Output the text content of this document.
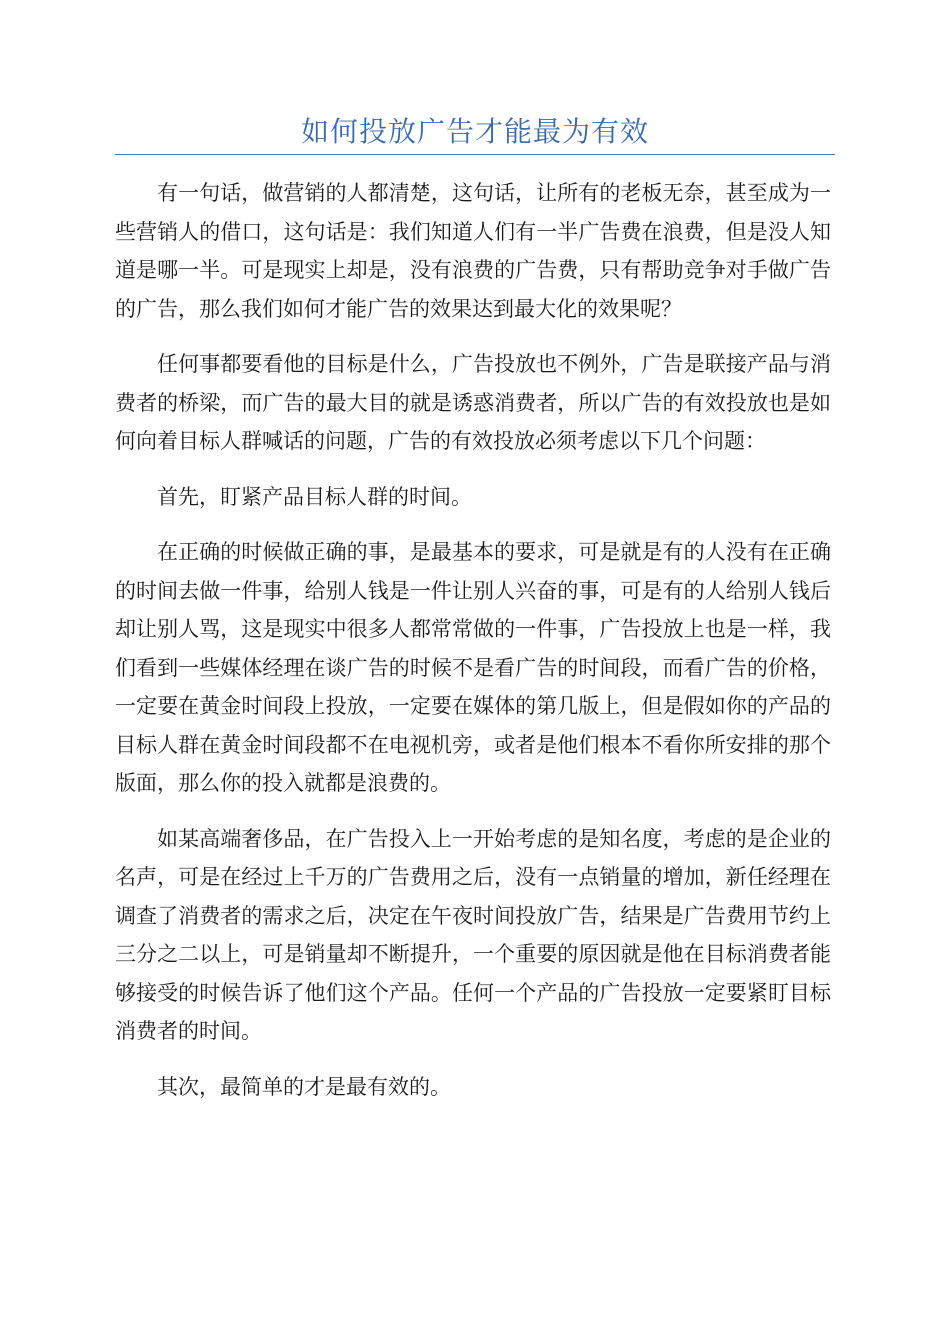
如何投放广告才能最为有效

有一句话，做营销的人都清楚，这句话，让所有的老板无奈，甚至成为一些营销人的借口，这句话是：我们知道人们有一半广告费在浪费，但是没人知道是哪一半。可是现实上却是，没有浪费的广告费，只有帮助竞争对手做广告的广告，那么我们如何才能广告的效果达到最大化的效果呢？

任何事都要看他的目标是什么，广告投放也不例外，广告是联接产品与消费者的桥梁，而广告的最大目的就是诱惑消费者，所以广告的有效投放也是如何向着目标人群喊话的问题，广告的有效投放必须考虑以下几个问题：

首先，盯紧产品目标人群的时间。

在正确的时候做正确的事，是最基本的要求，可是就是有的人没有在正确的时间去做一件事，给别人钱是一件让别人兴奋的事，可是有的人给别人钱后却让别人骂，这是现实中很多人都常常做的一件事，广告投放上也是一样，我们看到一些媒体经理在谈广告的时候不是看广告的时间段，而看广告的价格，一定要在黄金时间段上投放，一定要在媒体的第几版上，但是假如你的产品的目标人群在黄金时间段都不在电视机旁，或者是他们根本不看你所安排的那个版面，那么你的投入就都是浪费的。

如某高端奢侈品，在广告投入上一开始考虑的是知名度，考虑的是企业的名声，可是在经过上千万的广告费用之后，没有一点销量的增加，新任经理在调查了消费者的需求之后，决定在午夜时间投放广告，结果是广告费用节约上三分之二以上，可是销量却不断提升，一个重要的原因就是他在目标消费者能够接受的时候告诉了他们这个产品。任何一个产品的广告投放一定要紧盯目标消费者的时间。

其次，最简单的才是最有效的。
